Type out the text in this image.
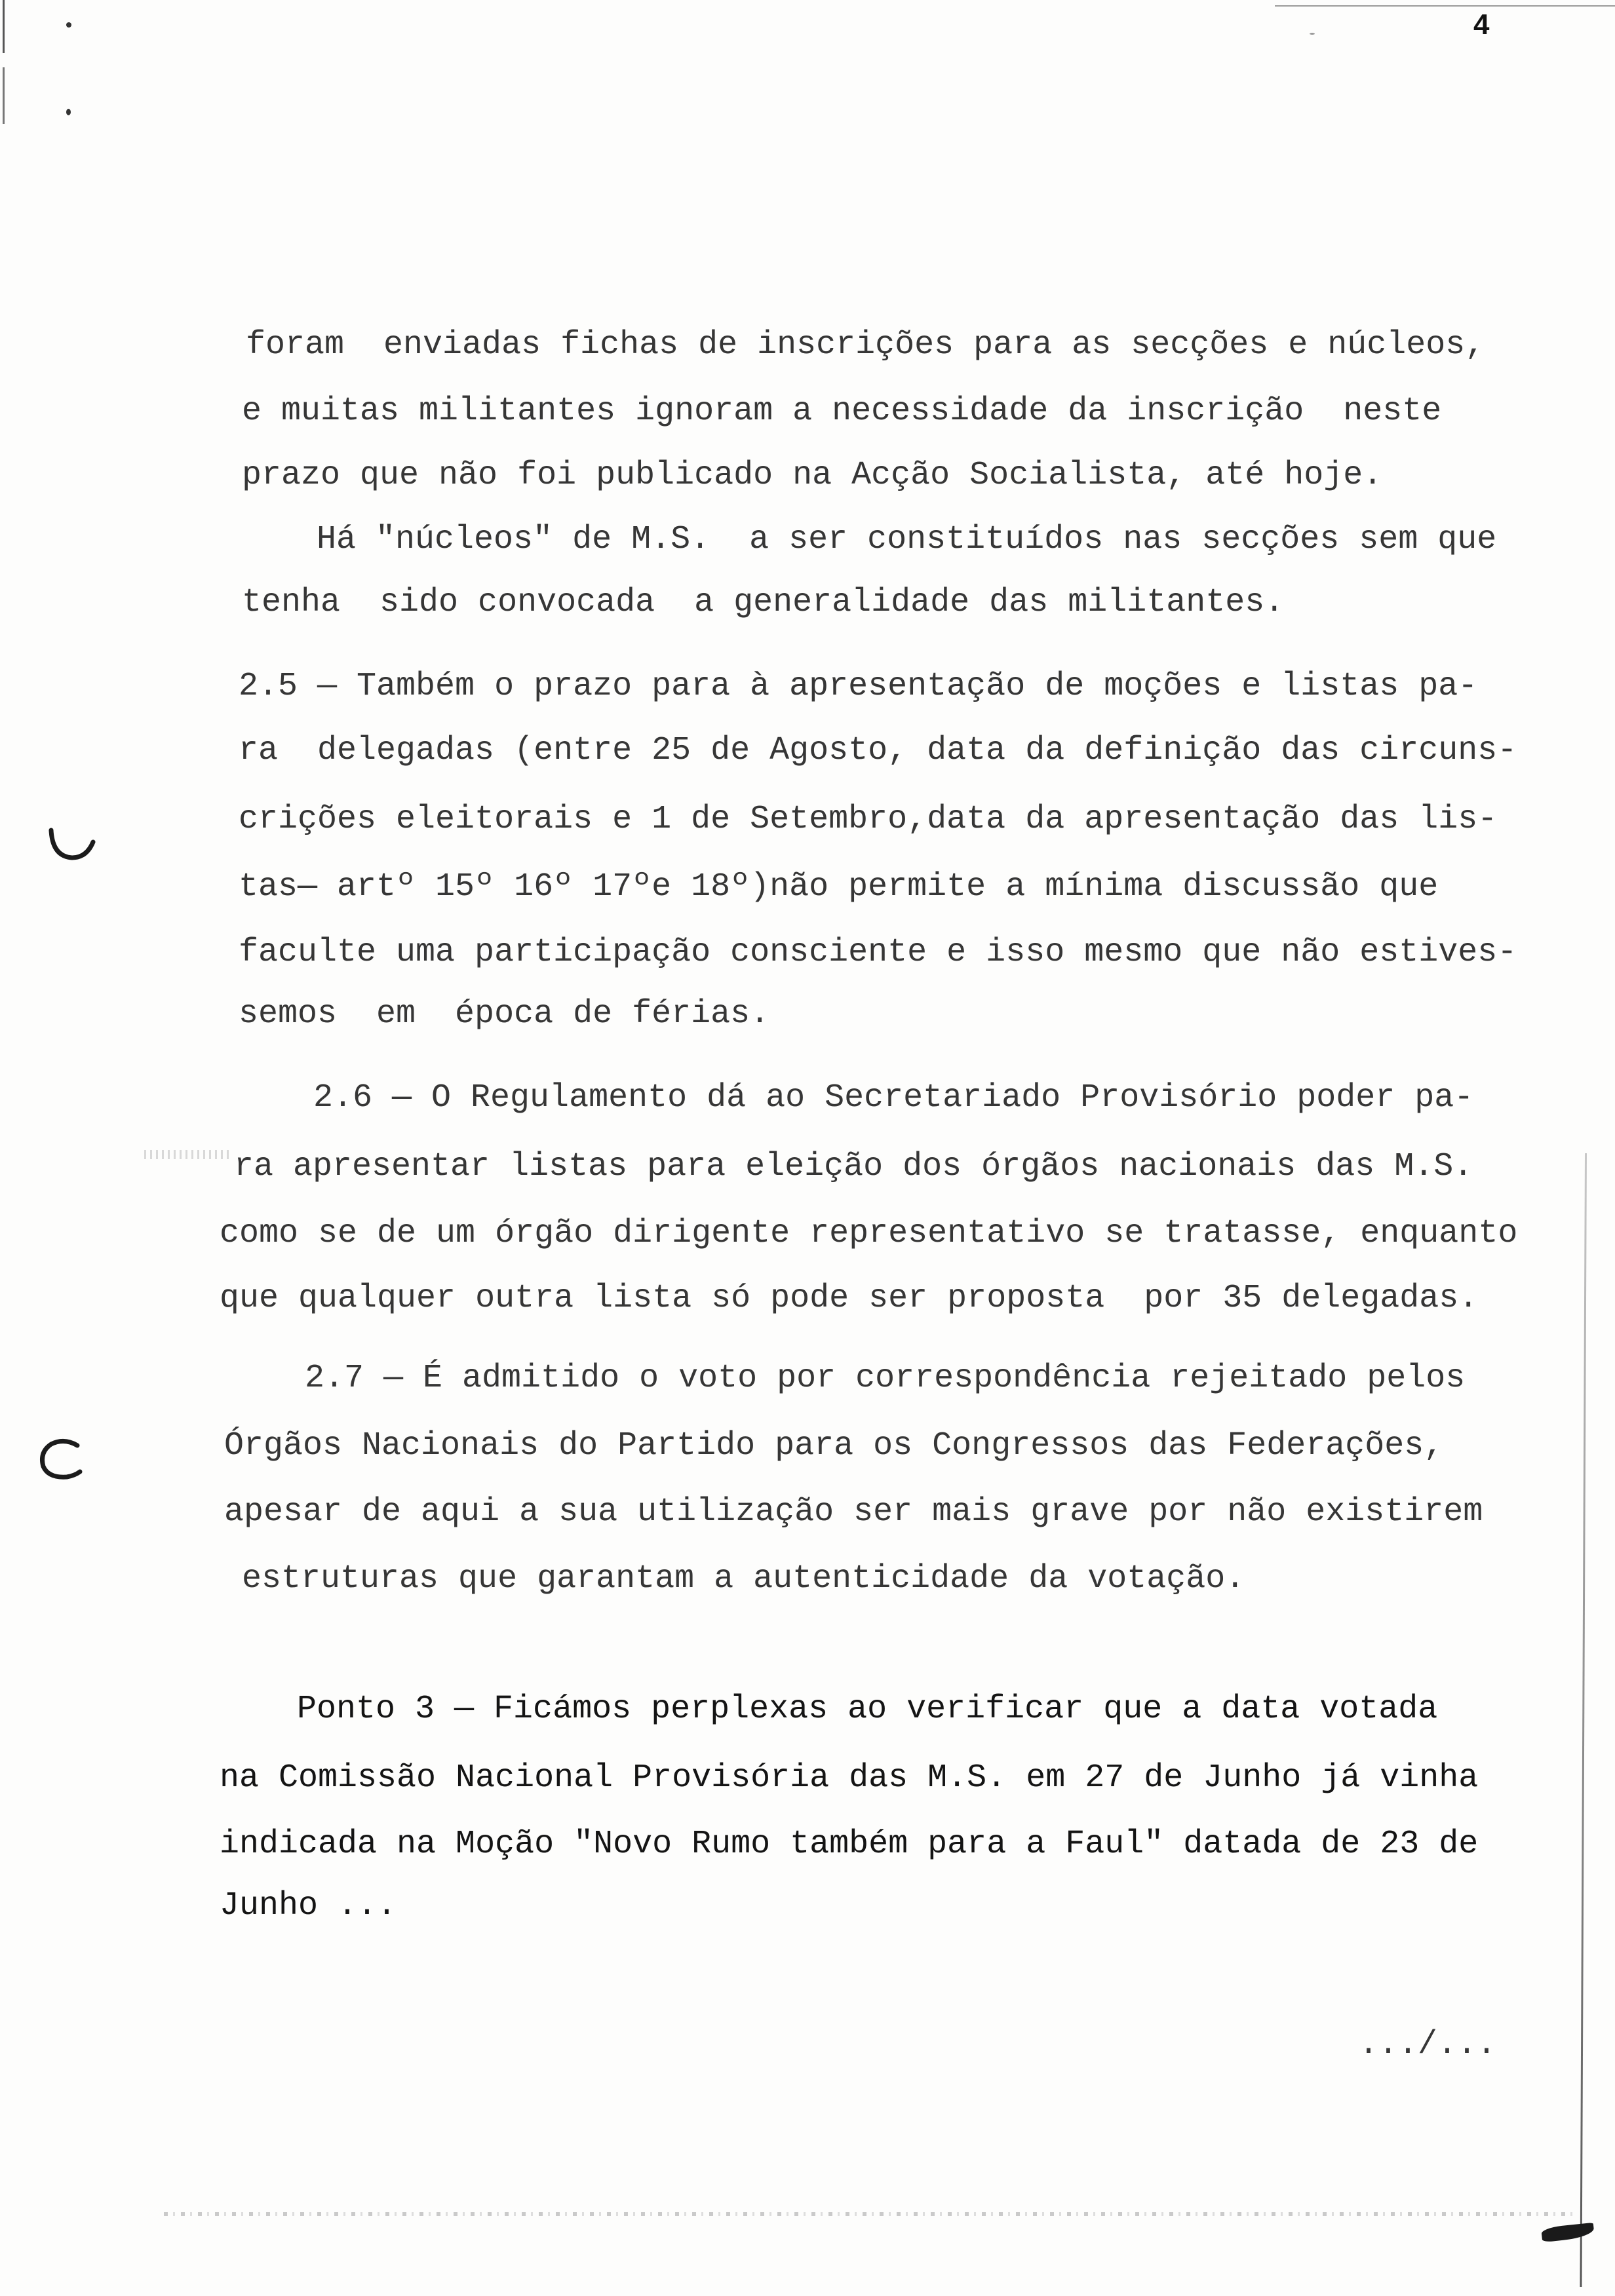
4
foram  enviadas fichas de inscrições para as secções e núcleos,
e muitas militantes ignoram a necessidade da inscrição  neste
prazo que não foi publicado na Acção Socialista, até hoje.
Há "núcleos" de M.S.  a ser constituídos nas secções sem que
tenha  sido convocada  a generalidade das militantes.
2.5 — Também o prazo para à apresentação de moções e listas pa-
ra  delegadas (entre 25 de Agosto, data da definição das circuns-
crições eleitorais e 1 de Setembro,data da apresentação das lis-
tas— artº 15º 16º 17ºe 18º)não permite a mínima discussão que
faculte uma participação consciente e isso mesmo que não estives-
semos  em  época de férias.
2.6 — O Regulamento dá ao Secretariado Provisório poder pa-
ra apresentar listas para eleição dos órgãos nacionais das M.S.
como se de um órgão dirigente representativo se tratasse, enquanto
que qualquer outra lista só pode ser proposta  por 35 delegadas.
2.7 — É admitido o voto por correspondência rejeitado pelos
Órgãos Nacionais do Partido para os Congressos das Federações,
apesar de aqui a sua utilização ser mais grave por não existirem
estruturas que garantam a autenticidade da votação.
Ponto 3 — Ficámos perplexas ao verificar que a data votada
na Comissão Nacional Provisória das M.S. em 27 de Junho já vinha
indicada na Moção "Novo Rumo também para a Faul" datada de 23 de
Junho ...
.../...
